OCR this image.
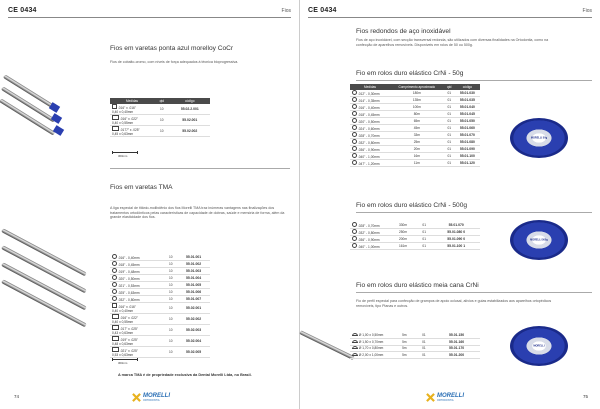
CE 0434	Fios
Fios em varetas ponta azul morelloy CoCr
Fios de cobalto-cromo, com níveis de força adequados à técnica bioprogressiva.
Medidas	qtd	código
.016" x .016"
0,40 x 0,40mm	10	55.02.2.001
.016" x .022"
0,40 x 0,55mm	10	55.02.001
.0177" x .025"
0,45 x 0,63mm	10	55.02.002
300mm
Fios em varetas TMA
A liga especial de titânio-molibdênio dos fios Morelli TMA traz inúmeras vantagens nas finalizações dos tratamentos ortodônticos pelas características de capacidade de dobras, saúde e memória de forma, além da grande elasticidade dos fios.
.016" - 0,40mm	10	55.01.001
.018" - 0,45mm	10	55.01.002
.019" - 0,48mm	10	55.01.003
.020" - 0,50mm	10	55.01.004
.021" - 0,53mm	10	55.01.005
.025" - 0,63mm	10	55.01.006
.032" - 0,80mm	10	55.01.007
.016" x .016"
0,40 x 0,40mm	10	55.02.001
.016" x .022"
0,40 x 0,55mm	10	55.02.002
.017" x .025"
0,43 x 0,63mm	10	55.02.003
.019" x .025"
0,48 x 0,63mm	10	55.02.004
.021" x .025"
0,53 x 0,63mm	10	55.02.005
300mm
A marca TMA é de propriedade exclusiva da Dental Morelli Ltda, no Brasil.
74	MORELLI
ORTODONTIA
CE 0434	Fios
Fios redondos de aço inoxidável
Fios de aço inoxidável, com secção transversal redonda, são utilizados com diversas finalidades na Ortodontia, como na confecção de aparelhos removíveis. Disponíveis em rolos de 50 ou 500g.
Fio em rolos duro elástico CrNi - 50g
Medidas	Comprimento aproximado	qtd	código
.012" - 0,30mm	180m	01	55.01.030
.014" - 0,35mm	135m	01	55.01.035
.016" - 0,40mm	100m	01	55.01.040
.018" - 0,45mm	80m	01	55.01.045
.020" - 0,50mm	65m	01	55.01.050
.024" - 0,60mm	45m	01	55.01.060
.028" - 0,70mm	33m	01	55.01.070
.032" - 0,80mm	25m	01	55.01.080
.036" - 0,90mm	20m	01	55.01.090
.040" - 1,00mm	16m	01	55.01.100
.047" - 1,20mm	11m	01	55.01.120
MORELLI 50g
Fio em rolos duro elástico CrNi - 500g
.028" - 0,70mm	330m	01	55.01.070
.032" - 0,80mm	250m	01	55.01.080 0
.036" - 0,90mm	200m	01	55.01.090 0
.040" - 1,00mm	161m	01	55.01.100 1
MORELLI 500g
Fio em rolos duro elástico meia cana CrNi
Fio de perfil especial para confecção de grampos de apoio oclusal, alívios e guias estabilizados aos aparelhos ortopédicos removíveis, tipo Planas e outros.
Ø 1,00 x 0,50mm	5m	01	55.01.150
Ø 1,50 x 0,70mm	5m	01	55.01.160
Ø 1,70 x 0,80mm	5m	01	55.01.170
Ø 2,00 x 1,00mm	5m	01	55.01.200
MORELLI
MORELLI
ORTODONTIA
75
